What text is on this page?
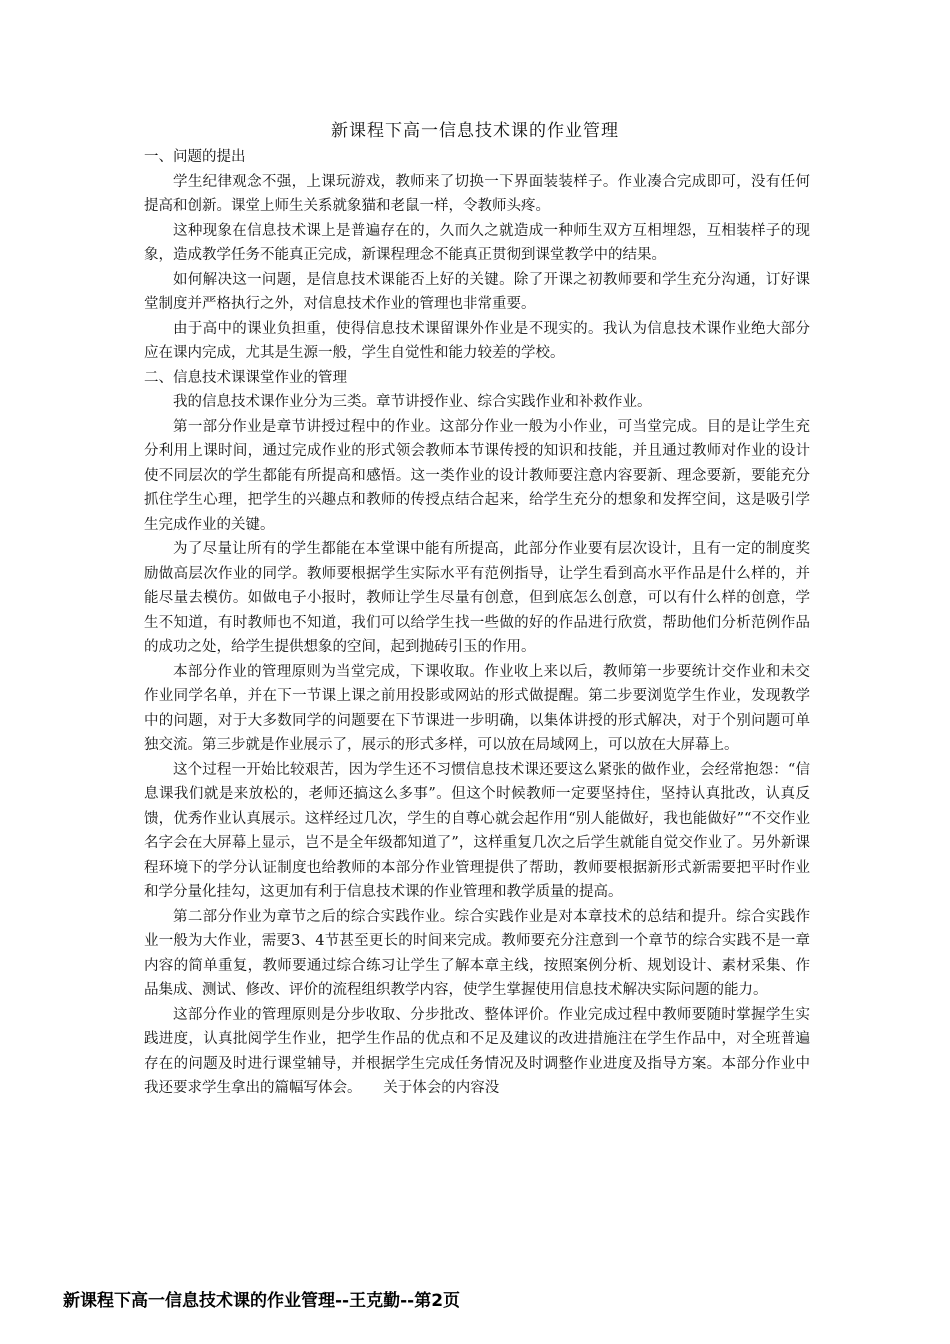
新课程下高一信息技术课的作业管理

一、问题的提出

学生纪律观念不强，上课玩游戏，教师来了切换一下界面装装样子。作业凑合完成即可，没有任何提高和创新。课堂上师生关系就象猫和老鼠一样，令教师头疼。

这种现象在信息技术课上是普遍存在的，久而久之就造成一种师生双方互相埋怨，互相装样子的现象，造成教学任务不能真正完成，新课程理念不能真正贯彻到课堂教学中的结果。

如何解决这一问题，是信息技术课能否上好的关键。除了开课之初教师要和学生充分沟通，订好课堂制度并严格执行之外，对信息技术作业的管理也非常重要。

由于高中的课业负担重，使得信息技术课留课外作业是不现实的。我认为信息技术课作业绝大部分应在课内完成，尤其是生源一般，学生自觉性和能力较差的学校。

二、信息技术课课堂作业的管理

我的信息技术课作业分为三类。章节讲授作业、综合实践作业和补救作业。

第一部分作业是章节讲授过程中的作业。这部分作业一般为小作业，可当堂完成。目的是让学生充分利用上课时间，通过完成作业的形式领会教师本节课传授的知识和技能，并且通过教师对作业的设计使不同层次的学生都能有所提高和感悟。这一类作业的设计教师要注意内容要新、理念要新，要能充分抓住学生心理，把学生的兴趣点和教师的传授点结合起来，给学生充分的想象和发挥空间，这是吸引学生完成作业的关键。

为了尽量让所有的学生都能在本堂课中能有所提高，此部分作业要有层次设计，且有一定的制度奖励做高层次作业的同学。教师要根据学生实际水平有范例指导，让学生看到高水平作品是什么样的，并能尽量去模仿。如做电子小报时，教师让学生尽量有创意，但到底怎么创意，可以有什么样的创意，学生不知道，有时教师也不知道，我们可以给学生找一些做的好的作品进行欣赏，帮助他们分析范例作品的成功之处，给学生提供想象的空间，起到抛砖引玉的作用。

本部分作业的管理原则为当堂完成，下课收取。作业收上来以后，教师第一步要统计交作业和未交作业同学名单，并在下一节课上课之前用投影或网站的形式做提醒。第二步要浏览学生作业，发现教学中的问题，对于大多数同学的问题要在下节课进一步明确，以集体讲授的形式解决，对于个别问题可单独交流。第三步就是作业展示了，展示的形式多样，可以放在局域网上，可以放在大屏幕上。

这个过程一开始比较艰苦，因为学生还不习惯信息技术课还要这么紧张的做作业，会经常抱怨：“信息课我们就是来放松的，老师还搞这么多事”。但这个时候教师一定要坚持住，坚持认真批改，认真反馈，优秀作业认真展示。这样经过几次，学生的自尊心就会起作用“别人能做好，我也能做好”“不交作业名字会在大屏幕上显示，岂不是全年级都知道了”，这样重复几次之后学生就能自觉交作业了。另外新课程环境下的学分认证制度也给教师的本部分作业管理提供了帮助，教师要根据新形式新需要把平时作业和学分量化挂勾，这更加有利于信息技术课的作业管理和教学质量的提高。

第二部分作业为章节之后的综合实践作业。综合实践作业是对本章技术的总结和提升。综合实践作业一般为大作业，需要3、4节甚至更长的时间来完成。教师要充分注意到一个章节的综合实践不是一章内容的简单重复，教师要通过综合练习让学生了解本章主线，按照案例分析、规划设计、素材采集、作品集成、测试、修改、评价的流程组织教学内容，使学生掌握使用信息技术解决实际问题的能力。

这部分作业的管理原则是分步收取、分步批改、整体评价。作业完成过程中教师要随时掌握学生实践进度，认真批阅学生作业，把学生作品的优点和不足及建议的改进措施注在学生作品中，对全班普遍存在的问题及时进行课堂辅导，并根据学生完成任务情况及时调整作业进度及指导方案。本部分作业中我还要求学生拿出的篇幅写体会。　　关于体会的内容没

新课程下高一信息技术课的作业管理--王克勤--第2页
